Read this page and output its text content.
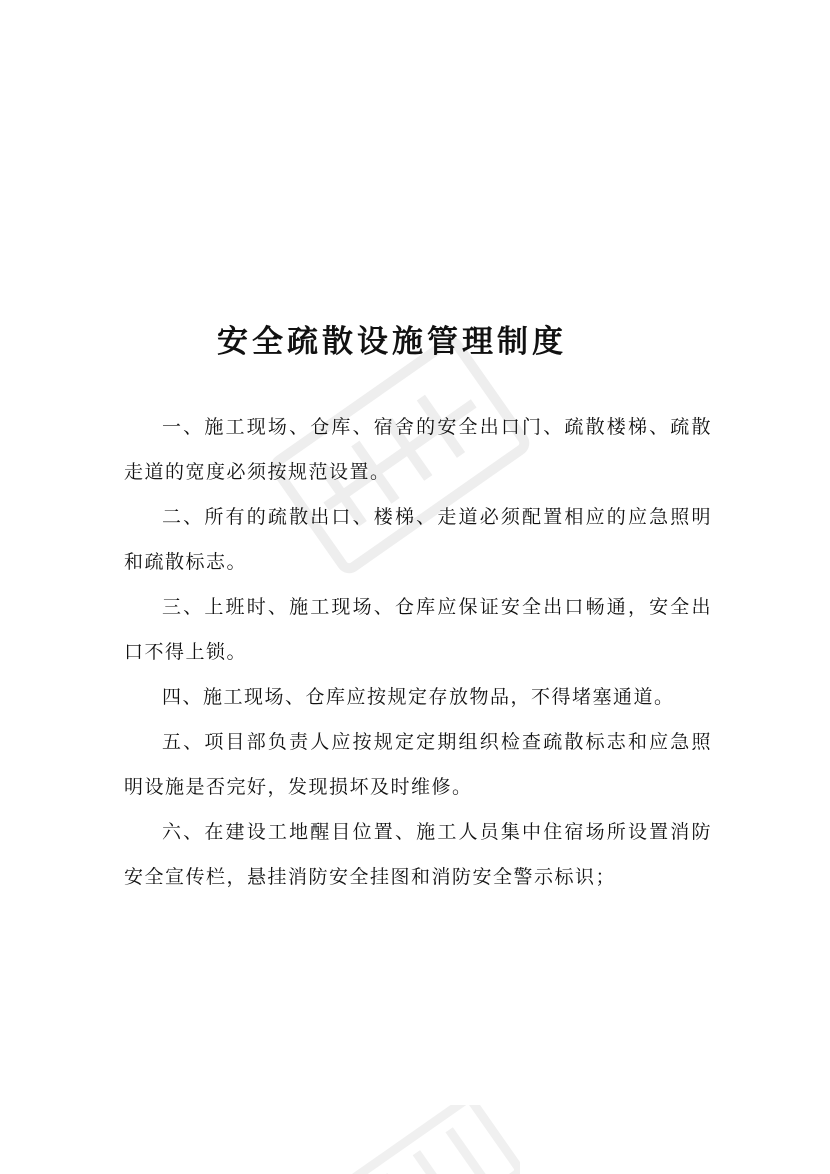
安全疏散设施管理制度

一、施工现场、仓库、宿舍的安全出口门、疏散楼梯、疏散走道的宽度必须按规范设置。

二、所有的疏散出口、楼梯、走道必须配置相应的应急照明和疏散标志。

三、上班时、施工现场、仓库应保证安全出口畅通，安全出口不得上锁。

四、施工现场、仓库应按规定存放物品，不得堵塞通道。

五、项目部负责人应按规定定期组织检查疏散标志和应急照明设施是否完好，发现损坏及时维修。

六、在建设工地醒目位置、施工人员集中住宿场所设置消防安全宣传栏，悬挂消防安全挂图和消防安全警示标识；
